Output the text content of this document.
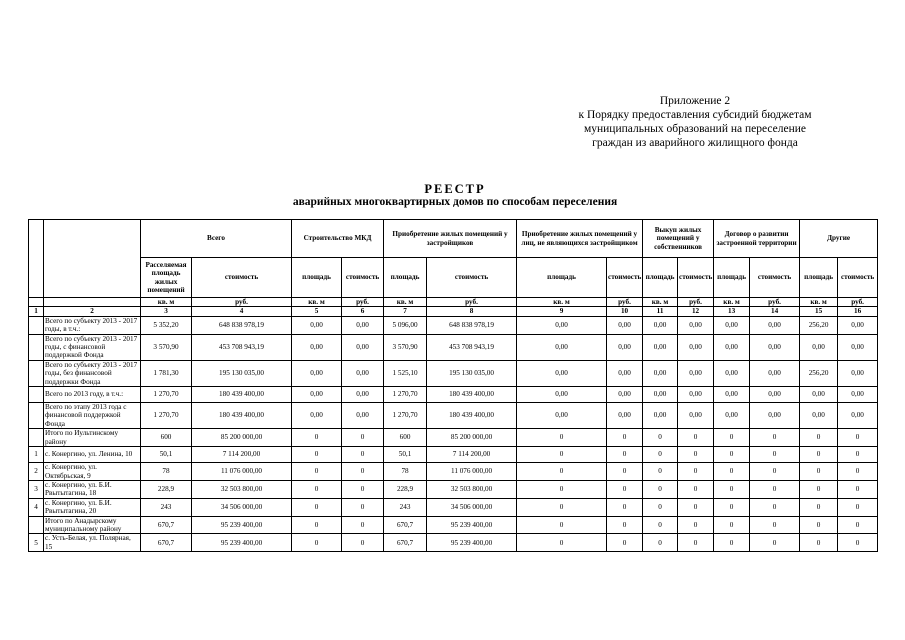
Приложение 2
к Порядку предоставления субсидий бюджетам
муниципальных образований на переселение
граждан из аварийного жилищного фонда
РЕЕСТР
аварийных многоквартирных домов по способам переселения
		Всего		Строительство МКД		Приобретение жилых помещений у застройщиков		Приобретение жилых помещений у лиц, не являющихся застройщиком		Выкуп жилых помещений у собственников		Договор о развитии застроенной территории		Другие	
		Расселяемая площадь жилых помещений	стоимость	площадь	стоимость	площадь	стоимость	площадь	стоимость	площадь	стоимость	площадь	стоимость	площадь	стоимость
		кв. м	руб.	кв. м	руб.	кв. м	руб.	кв. м	руб.	кв. м	руб.	кв. м	руб.	кв. м	руб.
1	2	3	4	5	6	7	8	9	10	11	12	13	14	15	16
	Всего по субъекту 2013 - 2017 годы, в т.ч.:	5 352,20	648 838 978,19	0,00	0,00	5 096,00	648 838 978,19	0,00	0,00	0,00	0,00	0,00	0,00	256,20	0,00
	Всего по субъекту 2013 - 2017 годы, с финансовой поддержкой Фонда	3 570,90	453 708 943,19	0,00	0,00	3 570,90	453 708 943,19	0,00	0,00	0,00	0,00	0,00	0,00	0,00	0,00
	Всего по субъекту 2013 - 2017 годы, без финансовой поддержки Фонда	1 781,30	195 130 035,00	0,00	0,00	1 525,10	195 130 035,00	0,00	0,00	0,00	0,00	0,00	0,00	256,20	0,00
	Всего по 2013 году, в т.ч.:	1 270,70	180 439 400,00	0,00	0,00	1 270,70	180 439 400,00	0,00	0,00	0,00	0,00	0,00	0,00	0,00	0,00
	Всего по этапу 2013 года с финансовой поддержкой Фонда	1 270,70	180 439 400,00	0,00	0,00	1 270,70	180 439 400,00	0,00	0,00	0,00	0,00	0,00	0,00	0,00	0,00
	Итого по Иультинскому району	600	85 200 000,00	0	0	600	85 200 000,00	0	0	0	0	0	0	0	0
1	с. Конергино, ул. Ленина, 10	50,1	7 114 200,00	0	0	50,1	7 114 200,00	0	0	0	0	0	0	0	0
2	с. Конергино, ул. Октябрьская, 9	78	11 076 000,00	0	0	78	11 076 000,00	0	0	0	0	0	0	0	0
3	с. Конергино, ул. Б.И. Рвытытагина, 18	228,9	32 503 800,00	0	0	228,9	32 503 800,00	0	0	0	0	0	0	0	0
4	с. Конергино, ул. Б.И. Рвытытагина, 20	243	34 506 000,00	0	0	243	34 506 000,00	0	0	0	0	0	0	0	0
	Итого по Анадырскому муниципальному району	670,7	95 239 400,00	0	0	670,7	95 239 400,00	0	0	0	0	0	0	0	0
5	с. Усть-Белая, ул. Полярная, 15	670,7	95 239 400,00	0	0	670,7	95 239 400,00	0	0	0	0	0	0	0	0
